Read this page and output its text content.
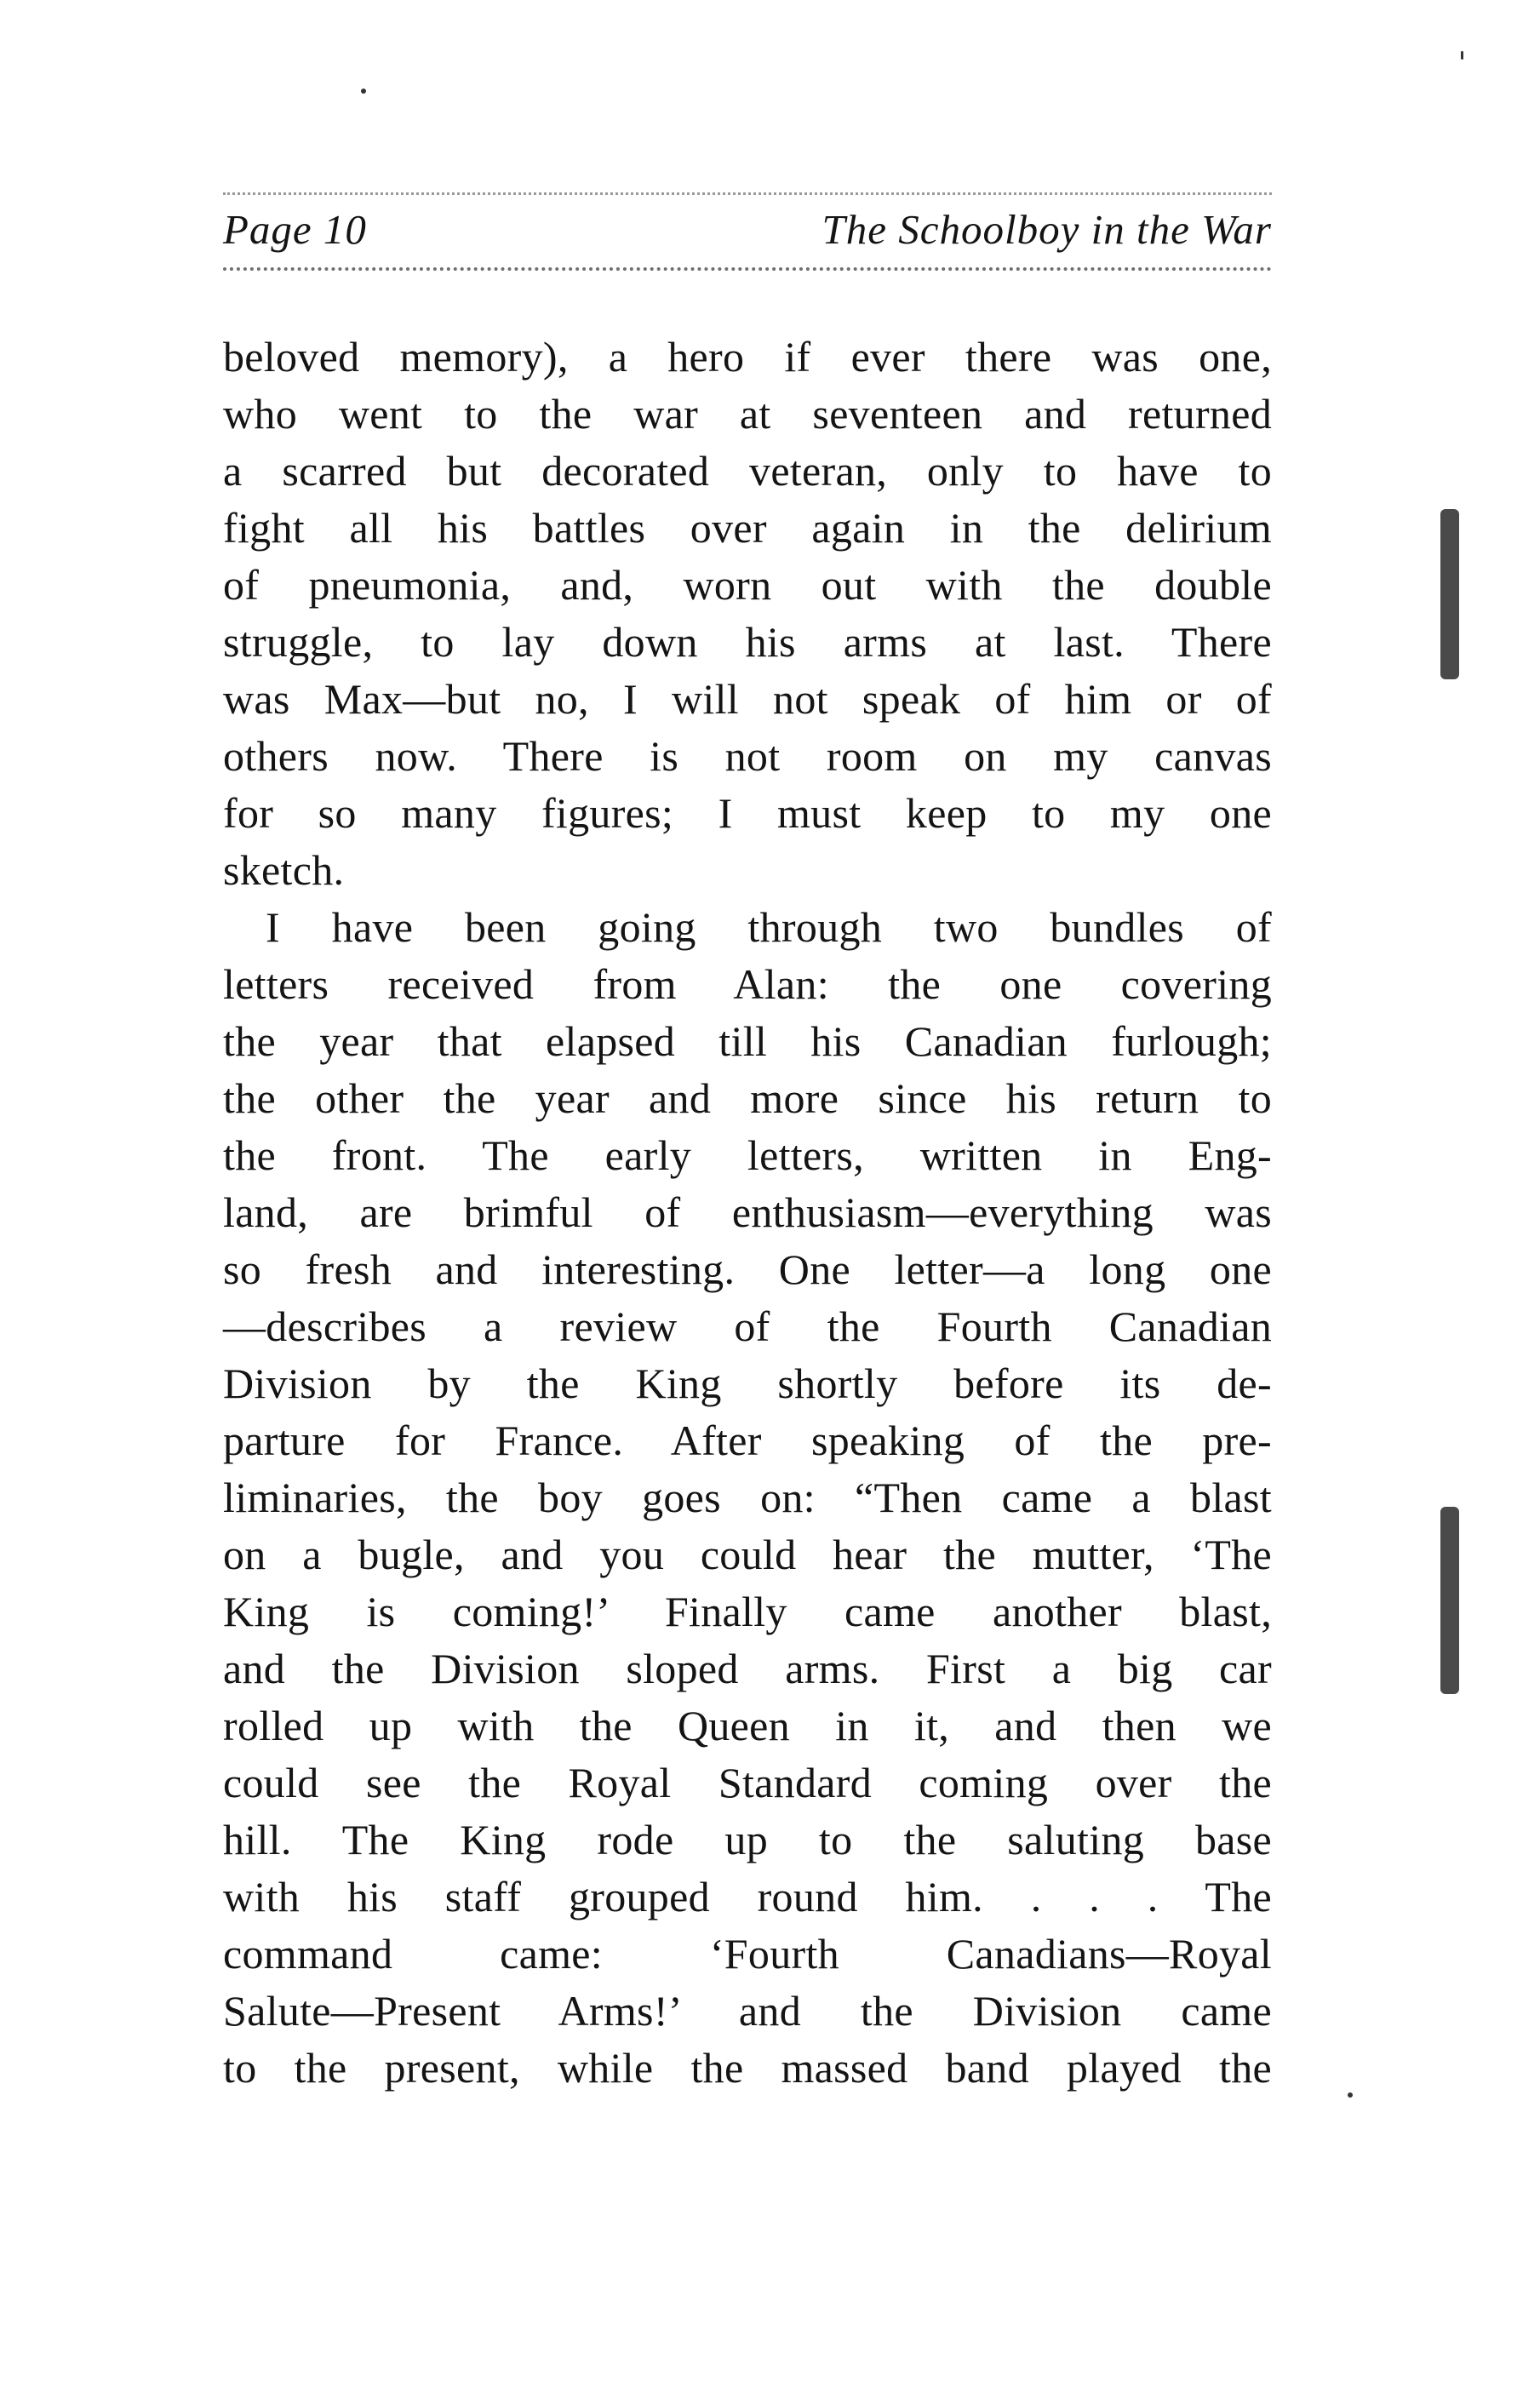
Page 10	The Schoolboy in the War
beloved memory), a hero if ever there was one,
who went to the war at seventeen and returned
a scarred but decorated veteran, only to have to
fight all his battles over again in the delirium
of pneumonia, and, worn out with the double
struggle, to lay down his arms at last. There
was Max—but no, I will not speak of him or of
others now. There is not room on my canvas
for so many figures; I must keep to my one
sketch.
I have been going through two bundles of
letters received from Alan: the one covering
the year that elapsed till his Canadian furlough;
the other the year and more since his return to
the front. The early letters, written in Eng-
land, are brimful of enthusiasm—everything was
so fresh and interesting. One letter—a long one
—describes a review of the Fourth Canadian
Division by the King shortly before its de-
parture for France. After speaking of the pre-
liminaries, the boy goes on: “Then came a blast
on a bugle, and you could hear the mutter, ‘The
King is coming!’ Finally came another blast,
and the Division sloped arms. First a big car
rolled up with the Queen in it, and then we
could see the Royal Standard coming over the
hill. The King rode up to the saluting base
with his staff grouped round him. . . . The
command came: ‘Fourth Canadians—Royal
Salute—Present Arms!’ and the Division came
to the present, while the massed band played the
